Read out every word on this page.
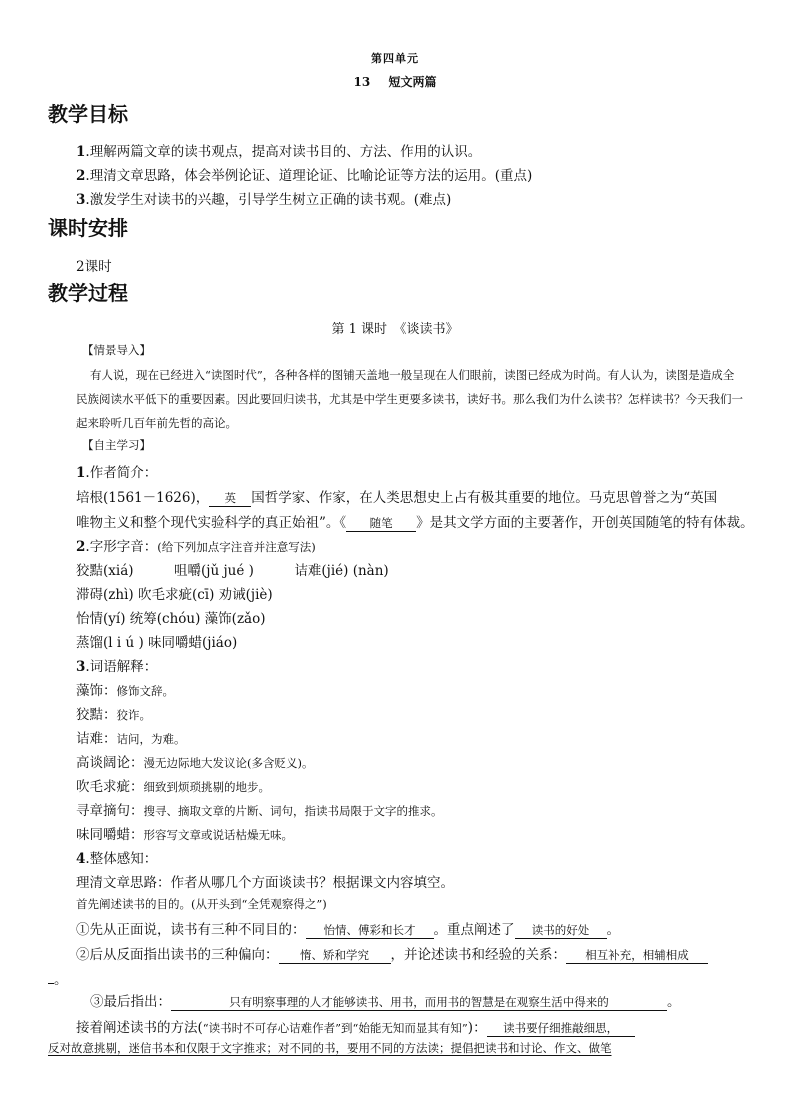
第四单元
13 短文两篇
教学目标
1.理解两篇文章的读书观点，提高对读书目的、方法、作用的认识。
2.理清文章思路，体会举例论证、道理论证、比喻论证等方法的运用。(重点)
3.激发学生对读书的兴趣，引导学生树立正确的读书观。(难点)
课时安排
2课时
教学过程
第 1 课时　《谈读书》
【情景导入】
有人说，现在已经进入“读图时代”，各种各样的图铺天盖地一般呈现在人们眼前，读图已经成为时尚。有人认为，读图是造成全民族阅读水平低下的重要因素。因此要回归读书，尤其是中学生更要多读书，读好书。那么我们为什么读书？怎样读书？今天我们一起来聆听几百年前先哲的高论。
【自主学习】
1.作者简介：
培根(1561－1626)， 英 国哲学家、作家，在人类思想史上占有极其重要的地位。马克思曾誉之为“英国
唯物主义和整个现代实验科学的真正始祖”。《 随笔 》是其文学方面的主要著作，开创英国随笔的特有体裁。
2.字形字音：(给下列加点字注音并注意写法)
狡黠(xiá)　　　咀嚼(jǔ jué )　　　诘难(jié) (nàn)
滞碍(zhì) 吹毛求疵(cī) 劝诫(jiè)
怡情(yí) 统筹(chóu) 藻饰(zǎo)
蒸馏(l i ú ) 味同嚼蜡(jiáo)
3.词语解释：
藻饰：修饰文辞。
狡黠：狡诈。
诘难：诘问，为难。
高谈阔论：漫无边际地大发议论(多含贬义)。
吹毛求疵：细致到烦琐挑剔的地步。
寻章摘句：搜寻、摘取文章的片断、词句，指读书局限于文字的推求。
味同嚼蜡：形容写文章或说话枯燥无味。
4.整体感知：
理清文章思路：作者从哪几个方面谈读书？根据课文内容填空。
首先阐述读书的目的。(从开头到“全凭观察得之”)
①先从正面说，读书有三种不同目的： 怡情、傅彩和长才 。重点阐述了 读书的好处 。
②后从反面指出读书的三种偏向： 惰、矫和学究 ，并论述读书和经验的关系： 相互补充，相辅相成
。
③最后指出：	只有明察事理的人才能够读书、用书，而用书的智慧是在观察生活中得来的	。
接着阐述读书的方法(“读书时不可存心诘难作者”到“始能无知而显其有知”)： 读书要仔细推敲细思，
反对故意挑剔，迷信书本和仅限于文字推求；对不同的书，要用不同的方法读；提倡把读书和讨论、作文、做笔
